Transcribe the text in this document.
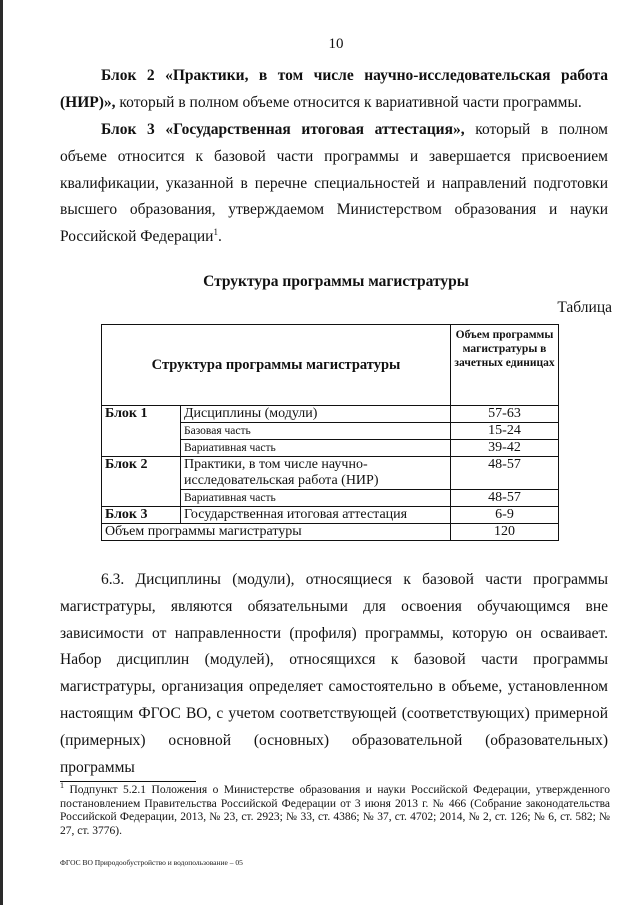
10
Блок 2 «Практики, в том числе научно-исследовательская работа (НИР)», который в полном объеме относится к вариативной части программы.
Блок 3 «Государственная итоговая аттестация», который в полном объеме относится к базовой части программы и завершается присвоением квалификации, указанной в перечне специальностей и направлений подготовки высшего образования, утверждаемом Министерством образования и науки Российской Федерации$^1$.
Структура программы магистратуры
Таблица
Структура программы магистратуры		Объем программы магистратуры в зачетных единицах
Блок 1	Дисциплины (модули)	57-63
	Базовая часть	15-24
	Вариативная часть	39-42
Блок 2	Практики, в том числе научно-исследовательская работа (НИР)	48-57
	Вариативная часть	48-57
Блок 3	Государственная итоговая аттестация	6-9
Объем программы магистратуры		120
6.3. Дисциплины (модули), относящиеся к базовой части программы магистратуры, являются обязательными для освоения обучающимся вне зависимости от направленности (профиля) программы, которую он осваивает. Набор дисциплин (модулей), относящихся к базовой части программы магистратуры, организация определяет самостоятельно в объеме, установленном настоящим ФГОС ВО, с учетом соответствующей (соответствующих) примерной (примерных) основной (основных) образовательной (образовательных) программы
$^1$ Подпункт 5.2.1 Положения о Министерстве образования и науки Российской Федерации, утвержденного постановлением Правительства Российской Федерации от 3 июня 2013 г. № 466 (Собрание законодательства Российской Федерации, 2013, № 23, ст. 2923; № 33, ст. 4386; № 37, ст. 4702; 2014, № 2, ст. 126; № 6, ст. 582; № 27, ст. 3776).
ФГОС ВО Природообустройство и водопользование – 05
